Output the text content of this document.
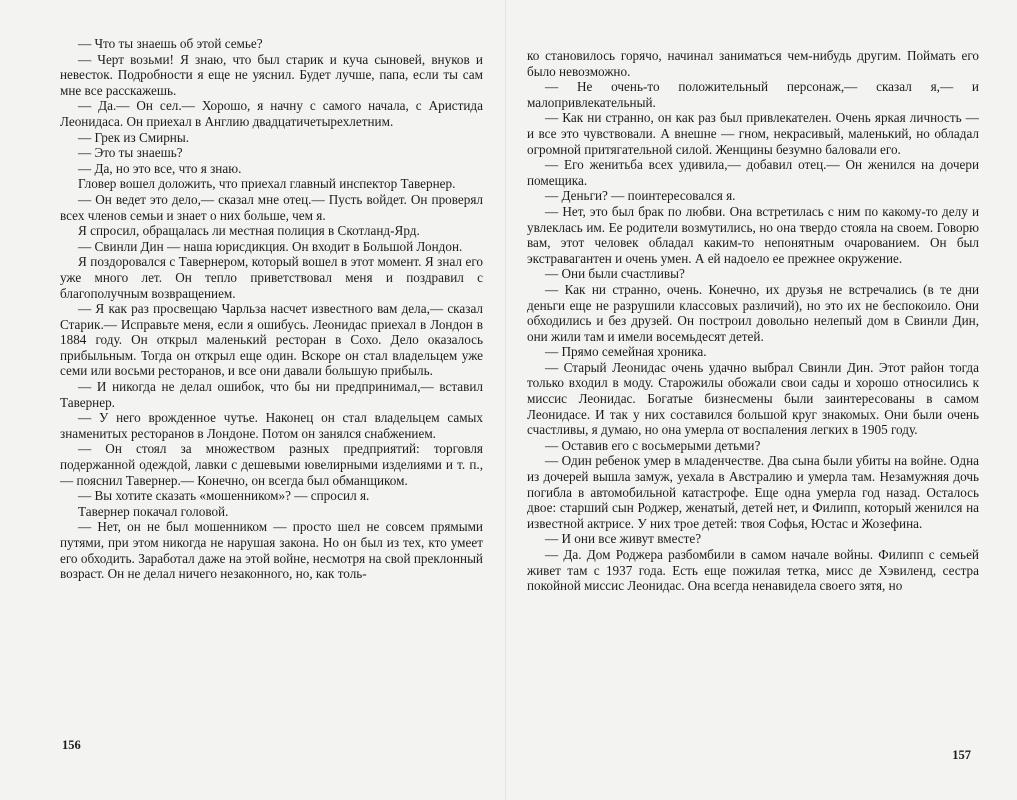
— Что ты знаешь об этой семье?

— Черт возьми! Я знаю, что был старик и куча сыновей, внуков и невесток. Подробности я еще не уяснил. Будет лучше, папа, если ты сам мне все расскажешь.

— Да.— Он сел.— Хорошо, я начну с самого начала, с Аристида Леонидаса. Он приехал в Англию двадцатичетырехлетним.

— Грек из Смирны.

— Это ты знаешь?

— Да, но это все, что я знаю.

Гловер вошел доложить, что приехал главный инспектор Тавернер.

— Он ведет это дело,— сказал мне отец.— Пусть войдет. Он проверял всех членов семьи и знает о них больше, чем я.

Я спросил, обращалась ли местная полиция в Скотланд-Ярд.

— Свинли Дин — наша юрисдикция. Он входит в Большой Лондон.

Я поздоровался с Тавернером, который вошел в этот момент. Я знал его уже много лет. Он тепло приветствовал меня и поздравил с благополучным возвращением.

— Я как раз просвещаю Чарльза насчет известного вам дела,— сказал Старик.— Исправьте меня, если я ошибусь. Леонидас приехал в Лондон в 1884 году. Он открыл маленький ресторан в Сохо. Дело оказалось прибыльным. Тогда он открыл еще один. Вскоре он стал владельцем уже семи или восьми ресторанов, и все они давали большую прибыль.

— И никогда не делал ошибок, что бы ни предпринимал,— вставил Тавернер.

— У него врожденное чутье. Наконец он стал владельцем самых знаменитых ресторанов в Лондоне. Потом он занялся снабжением.

— Он стоял за множеством разных предприятий: торговля подержанной одеждой, лавки с дешевыми ювелирными изделиями и т. п.,— пояснил Тавернер.— Конечно, он всегда был обманщиком.

— Вы хотите сказать «мошенником»? — спросил я.

Тавернер покачал головой.

— Нет, он не был мошенником — просто шел не совсем прямыми путями, при этом никогда не нарушая закона. Но он был из тех, кто умеет его обходить. Заработал даже на этой войне, несмотря на свой преклонный возраст. Он не делал ничего незаконного, но, как толь-

156

ко становилось горячо, начинал заниматься чем-нибудь другим. Поймать его было невозможно.

— Не очень-то положительный персонаж,— сказал я,— и малопривлекательный.

— Как ни странно, он как раз был привлекателен. Очень яркая личность — и все это чувствовали. А внешне — гном, некрасивый, маленький, но обладал огромной притягательной силой. Женщины безумно баловали его.

— Его женитьба всех удивила,— добавил отец.— Он женился на дочери помещика.

— Деньги? — поинтересовался я.

— Нет, это был брак по любви. Она встретилась с ним по какому-то делу и увлеклась им. Ее родители возмутились, но она твердо стояла на своем. Говорю вам, этот человек обладал каким-то непонятным очарованием. Он был экстравагантен и очень умен. А ей надоело ее прежнее окружение.

— Они были счастливы?

— Как ни странно, очень. Конечно, их друзья не встречались (в те дни деньги еще не разрушили классовых различий), но это их не беспокоило. Они обходились и без друзей. Он построил довольно нелепый дом в Свинли Дин, они жили там и имели восемьдесят детей.

— Прямо семейная хроника.

— Старый Леонидас очень удачно выбрал Свинли Дин. Этот район тогда только входил в моду. Старожилы обожали свои сады и хорошо относились к миссис Леонидас. Богатые бизнесмены были заинтересованы в самом Леонидасе. И так у них составился большой круг знакомых. Они были очень счастливы, я думаю, но она умерла от воспаления легких в 1905 году.

— Оставив его с восьмерыми детьми?

— Один ребенок умер в младенчестве. Два сына были убиты на войне. Одна из дочерей вышла замуж, уехала в Австралию и умерла там. Незамужняя дочь погибла в автомобильной катастрофе. Еще одна умерла год назад. Осталось двое: старший сын Роджер, женатый, детей нет, и Филипп, который женился на известной актрисе. У них трое детей: твоя Софья, Юстас и Жозефина.

— И они все живут вместе?

— Да. Дом Роджера разбомбили в самом начале войны. Филипп с семьей живет там с 1937 года. Есть еще пожилая тетка, мисс де Хэвиленд, сестра покойной миссис Леонидас. Она всегда ненавидела своего зятя, но

157
